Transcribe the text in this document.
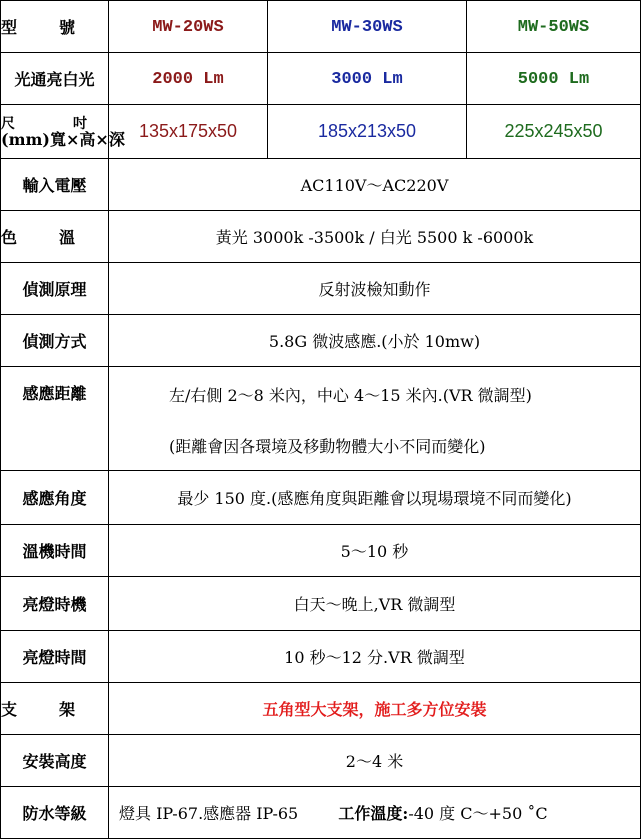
型 號	MW-20WS	MW-30WS	MW-50WS
光通亮白光	2000 Lm	3000 Lm	5000 Lm

尺 吋
(mm)寬×高×深	135x175x50	185x213x50	225x245x50
輸入電壓	AC110V～AC220V		

色 溫	黃光 3000k -3500k / 白光 5500 k -6000k		
偵測原理	反射波檢知動作		
偵測方式	5.8G 微波感應.(小於 10mw)		
感應距離	左/右側 2～8 米內，中心 4～15 米內.(VR 微調型)
(距離會因各環境及移動物體大小不同而變化)		

感應角度	最少 150 度.(感應角度與距離會以現場環境不同而變化)		
溫機時間	5～10 秒		
亮燈時機	白天～晚上,VR 微調型		
亮燈時間	10 秒～12 分.VR 微調型		

支 架	五角型大支架，施工多方位安裝		
安裝高度	2～4 米		
防水等級	燈具 IP-67.感應器 IP-65 工作溫度:-40 度 C～+50 ˚C		
